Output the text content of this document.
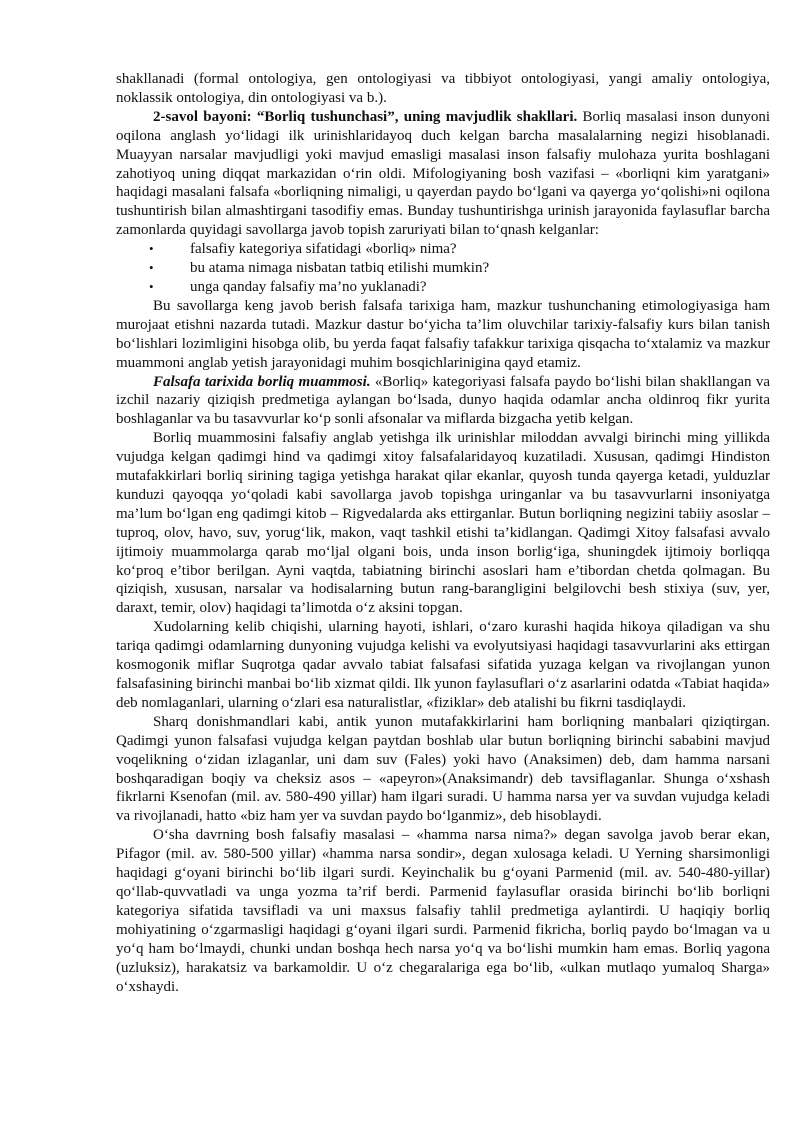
shakllanadi (formal ontologiya, gen ontologiyasi va tibbiyot ontologiyasi, yangi amaliy ontologiya, noklassik ontologiya, din ontologiyasi va b.).

2-savol bayoni: “Borliq tushunchasi”, uning mavjudlik shakllari. Borliq masalasi inson dunyoni oqilona anglash yo‘lidagi ilk urinishlaridayoq duch kelgan barcha masalalarning negizi hisoblanadi. Muayyan narsalar mavjudligi yoki mavjud emasligi masalasi inson falsafiy mulohaza yurita boshlagani zahotiyoq uning diqqat markazidan o‘rin oldi. Mifologiyaning bosh vazifasi – «borliqni kim yaratgani» haqidagi masalani falsafa «borliqning nimaligi, u qayerdan paydo bo‘lgani va qayerga yo‘qolishi»ni oqilona tushuntirish bilan almashtirgani tasodifiy emas. Bunday tushuntirishga urinish jarayonida faylasuflar barcha zamonlarda quyidagi savollarga javob topish zaruriyati bilan to‘qnash kelganlar:

• falsafiy kategoriya sifatidagi «borliq» nima?
• bu atama nimaga nisbatan tatbiq etilishi mumkin?
• unga qanday falsafiy ma’no yuklanadi?

Bu savollarga keng javob berish falsafa tarixiga ham, mazkur tushunchaning etimologiyasiga ham murojaat etishni nazarda tutadi. Mazkur dastur bo‘yicha ta’lim oluvchilar tarixiy-falsafiy kurs bilan tanish bo‘lishlari lozimligini hisobga olib, bu yerda faqat falsafiy tafakkur tarixiga qisqacha to‘xtalamiz va mazkur muammoni anglab yetish jarayonidagi muhim bosqichlarinigina qayd etamiz.

Falsafa tarixida borliq muammosi. «Borliq» kategoriyasi falsafa paydo bo‘lishi bilan shakllangan va izchil nazariy qiziqish predmetiga aylangan bo‘lsada, dunyo haqida odamlar ancha oldinroq fikr yurita boshlaganlar va bu tasavvurlar ko‘p sonli afsonalar va miflarda bizgacha yetib kelgan.

Borliq muammosini falsafiy anglab yetishga ilk urinishlar miloddan avvalgi birinchi ming yillikda vujudga kelgan qadimgi hind va qadimgi xitoy falsafalaridayoq kuzatiladi. Xususan, qadimgi Hindiston mutafakkirlari borliq sirining tagiga yetishga harakat qilar ekanlar, quyosh tunda qayerga ketadi, yulduzlar kunduzi qayoqqa yo‘qoladi kabi savollarga javob topishga uringanlar va bu tasavvurlarni insoniyatga ma’lum bo‘lgan eng qadimgi kitob – Rigvedalarda aks ettirganlar. Butun borliqning negizini tabiiy asoslar – tuproq, olov, havo, suv, yorug‘lik, makon, vaqt tashkil etishi ta’kidlangan. Qadimgi Xitoy falsafasi avvalo ijtimoiy muammolarga qarab mo‘ljal olgani bois, unda inson borlig‘iga, shuningdek ijtimoiy borliqqa ko‘proq e’tibor berilgan. Ayni vaqtda, tabiatning birinchi asoslari ham e’tibordan chetda qolmagan. Bu qiziqish, xususan, narsalar va hodisalarning butun rang-barangligini belgilovchi besh stixiya (suv, yer, daraxt, temir, olov) haqidagi ta’limotda o‘z aksini topgan.

Xudolarning kelib chiqishi, ularning hayoti, ishlari, o‘zaro kurashi haqida hikoya qiladigan va shu tariqa qadimgi odamlarning dunyoning vujudga kelishi va evolyutsiyasi haqidagi tasavvurlarini aks ettirgan kosmogonik miflar Suqrotga qadar avvalo tabiat falsafasi sifatida yuzaga kelgan va rivojlangan yunon falsafasining birinchi manbai bo‘lib xizmat qildi. Ilk yunon faylasuflari o‘z asarlarini odatda «Tabiat haqida» deb nomlaganlari, ularning o‘zlari esa naturalistlar, «fiziklar» deb atalishi bu fikrni tasdiqlaydi.

Sharq donishmandlari kabi, antik yunon mutafakkirlarini ham borliqning manbalari qiziqtirgan. Qadimgi yunon falsafasi vujudga kelgan paytdan boshlab ular butun borliqning birinchi sababini mavjud voqelikning o‘zidan izlaganlar, uni dam suv (Fales) yoki havo (Anaksimen) deb, dam hamma narsani boshqaradigan boqiy va cheksiz asos – «apeyron»(Anaksimandr) deb tavsiflaganlar. Shunga o‘xshash fikrlarni Ksenofan (mil. av. 580-490 yillar) ham ilgari suradi. U hamma narsa yer va suvdan vujudga keladi va rivojlanadi, hatto «biz ham yer va suvdan paydo bo‘lganmiz», deb hisoblaydi.

O‘sha davrning bosh falsafiy masalasi – «hamma narsa nima?» degan savolga javob berar ekan, Pifagor (mil. av. 580-500 yillar) «hamma narsa sondir», degan xulosaga keladi. U Yerning sharsimonligi haqidagi g‘oyani birinchi bo‘lib ilgari surdi. Keyinchalik bu g‘oyani Parmenid (mil. av. 540-480-yillar) qo‘llab-quvvatladi va unga yozma ta’rif berdi. Parmenid faylasuflar orasida birinchi bo‘lib borliqni kategoriya sifatida tavsifladi va uni maxsus falsafiy tahlil predmetiga aylantirdi. U haqiqiy borliq mohiyatining o‘zgarmasligi haqidagi g‘oyani ilgari surdi. Parmenid fikricha, borliq paydo bo‘lmagan va u yo‘q ham bo‘lmaydi, chunki undan boshqa hech narsa yo‘q va bo‘lishi mumkin ham emas. Borliq yagona (uzluksiz), harakatsiz va barkamoldir. U o‘z chegaralariga ega bo‘lib, «ulkan mutlaqo yumaloq Sharga» o‘xshaydi.
